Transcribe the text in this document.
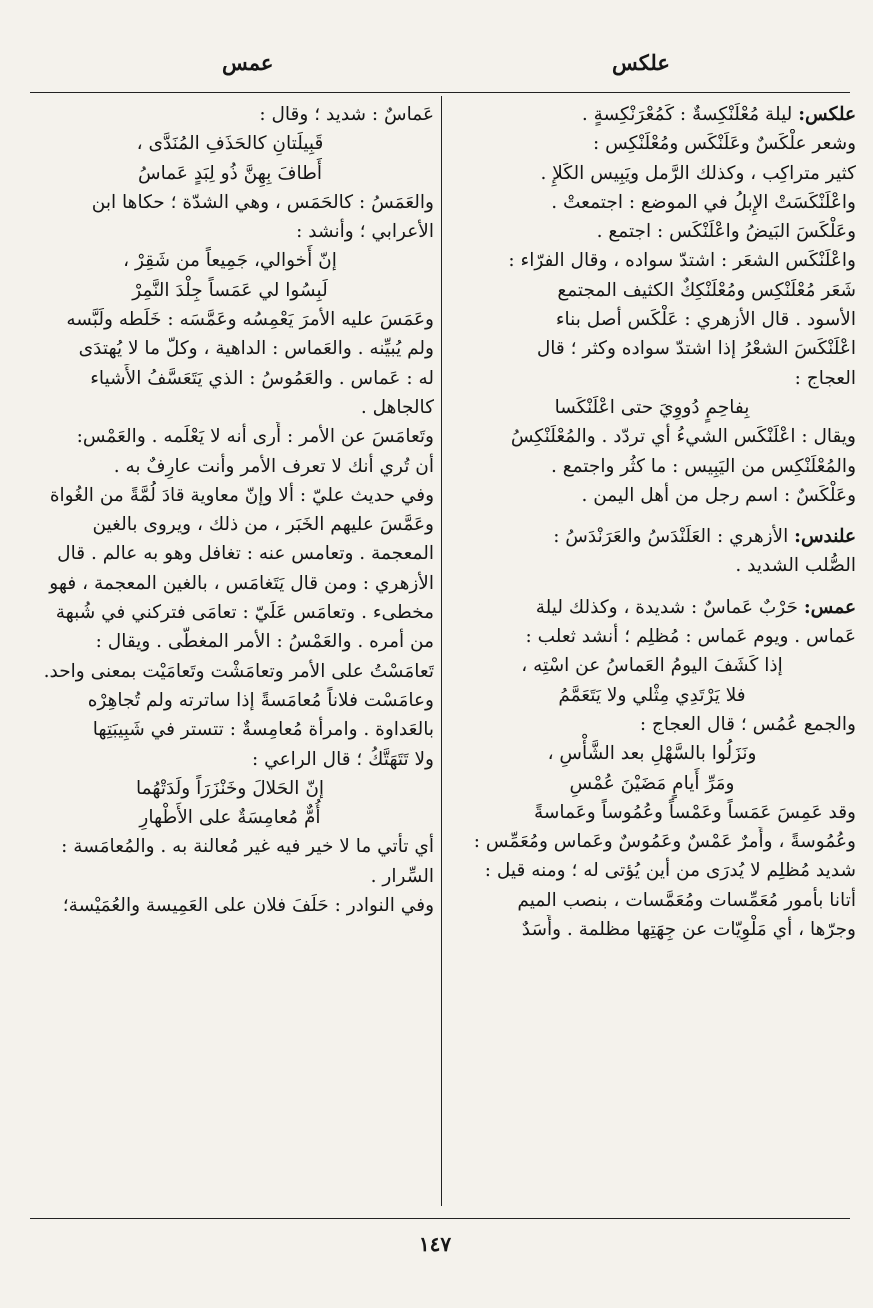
علكس
عمس
علكس: ليلة مُعْلَنْكِسةٌ : كَمُعْرَنْكِسةٍ .
وشعر علْكَسٌ وعَلَنْكَس ومُعْلَنْكِس :
كثير متراكِب ، وكذلك الرَّمل ويَبِيس الكَلإِ .
واعْلَنْكَسَتْ الإِبلُ في الموضع : اجتمعتْ .
وعَلْكَسَ البَيضُ واعْلَنْكَس : اجتمع .
واعْلَنْكَس الشعَر : اشتدّ سواده ، وقال الفرّاء :
شَعَر مُعْلَنْكِس ومُعْلَنْكِكٌ الكثيف المجتمع
الأسود . قال الأزهري : عَلْكَس أصل بناء
اعْلَنْكَسَ الشعْرُ إذا اشتدّ سواده وكثر ؛ قال
العجاج :
بِفاحِمٍ دُووِيَ حتى اعْلَنْكَسا
ويقال : اعْلَنْكَس الشيءُ أي تردّد . والمُعْلَنْكِسُ
والمُعْلَنْكِس من اليَبِيس : ما كثُر واجتمع .
وعَلْكَسٌ : اسم رجل من أهل اليمن .
علندس: الأزهري : العَلَنْدَسُ والعَرَنْدَسُ :
الصُّلب الشديد .
عمس: حَرْبٌ عَماسٌ : شديدة ، وكذلك ليلة
عَماس . ويوم عَماس : مُظلِم ؛ أنشد ثعلب :
إذا كَشَفَ اليومُ العَماسُ عن اسْتِه ،
فلا يَرْتَدِي مِثْلي ولا يَتَعَمَّمُ
والجمع عُمُس ؛ قال العجاج :
ونَزَلُوا بالسَّهْلِ بعد الشَّأْسِ ،
ومَرِّ أَيامٍ مَضَيْنَ عُمْسِ
وقد عَمِسَ عَمَساً وعَمْساً وعُمُوساً وعَماسةً
وعُمُوسةً ، وأَمرٌ عَمْسٌ وعَمُوسٌ وعَماس ومُعَمِّس :
شديد مُظلِم لا يُدرَى من أين يُؤتى له ؛ ومنه قيل :
أتانا بأُمور مُعَمِّسات ومُعَمَّسات ، بنصب الميم
وجرّها ، أي مَلْوِيّات عن جِهَتِها مظلمة . وأَسَدٌ
عَماسٌ : شديد ؛ وقال :
قَبِيلَتانِ كالحَذَفِ المُنَدَّى ،
أَطافَ بِهِنَّ ذُو لِبَدٍ عَماسُ
والعَمَسُ : كالحَمَس ، وهي الشدّة ؛ حكاها ابن
الأعرابي ؛ وأنشد :
إنّ أَخوالي، جَمِيعاً من شَقِرْ ،
لَبِسُوا لي عَمَساً جِلْدَ النَّمِرْ
وعَمَسَ عليه الأمرَ يَعْمِسُه وعَمَّسَه : خَلَطه ولَبَّسه
ولم يُبيِّنه . والعَماس : الداهية ، وكلّ ما لا يُهتدَى
له : عَماس . والعَمُوسُ : الذي يَتَعَسَّفُ الأَشياء
كالجاهل .
وتَعامَسَ عن الأمر : أَرى أنه لا يَعْلَمه . والعَمْس:
أن تُري أنك لا تعرف الأمر وأنت عارِفٌ به .
وفي حديث عليّ : ألا وإنّ معاوية قادَ لُمَّةً من الغُواة
وعَمَّسَ عليهم الخَبَر ، من ذلك ، ويروى بالغين
المعجمة . وتعامس عنه : تغافل وهو به عالم . قال
الأزهري : ومن قال يَتَغامَس ، بالغين المعجمة ، فهو
مخطىء . وتعامَس عَلَيّ : تعامَى فتركني في شُبهة
من أمره . والعَمْسُ : الأمر المغطّى . ويقال :
تَعامَسْتُ على الأمر وتعامَشْت وتَعامَيْت بمعنى واحد.
وعامَسْت فلاناً مُعامَسةً إذا ساترته ولم تُجاهِرْه
بالعَداوة . وامرأة مُعامِسةٌ : تتستر في شَبِيبَتِها
ولا تَتَهَتَّكُ ؛ قال الراعي :
إنّ الحَلالَ وخَنْزَرَاً ولَدَتْهُما
أُمٌّ مُعامِسَةٌ على الأَطْهارِ
أي تأتي ما لا خير فيه غير مُعالنة به . والمُعامَسة :
السِّرار .
وفي النوادر : حَلَفَ فلان على العَمِيسة والعُمَيْسة؛
١٤٧
